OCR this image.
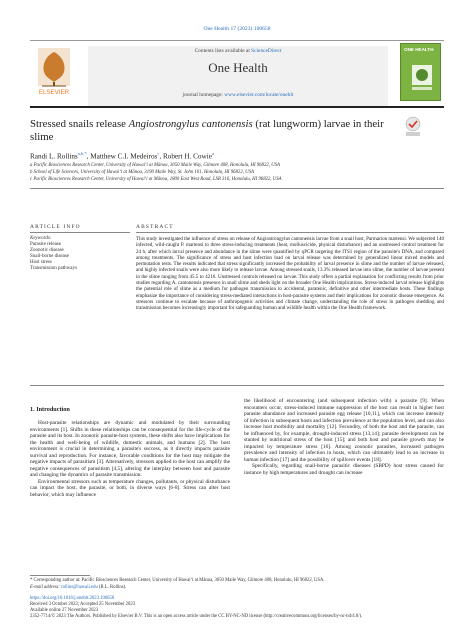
One Health 17 (2023) 100658
ELSEVIER
Contents lists available at ScienceDirect
One Health
journal homepage: www.elsevier.com/locate/onehlt
ONE HEALTH
Stressed snails release Angiostrongylus cantonensis (rat lungworm) larvae in their slime
Randi L. Rollins$^{a,b,*}$, Matthew C.I. Medeiros$^c$, Robert H. Cowie$^a$
a Pacific Biosciences Research Center, University of Hawaiʻi at Mānoa, 3050 Maile Way, Gilmore 408, Honolulu, HI 96822, USA
b School of Life Sciences, University of Hawaiʻi at Mānoa, 3190 Maile Way, St. John 101, Honolulu, HI 96822, USA
c Pacific Biosciences Research Center, University of Hawaiʻi at Mānoa, 1800 East West Road, LSB 316, Honolulu, HI 96822, USA
ARTICLE INFO	ABSTRACT
Keywords:
Parasite release
Zoonotic disease
Snail-borne disease
Host stress
Transmission pathways

This study investigated the influence of stress on release of Angiostrongylus cantonensis larvae from a snail host, Parmarion martensi. We subjected 140 infected, wild-caught P. martensi to three stress-inducing treatments (heat, molluscicide, physical disturbance) and an unstressed control treatment for 24 h, after which larval presence and abundance in the slime were quantified by qPCR targeting the ITS1 region of the parasite's DNA, and compared among treatments. The significance of stress and host infection load on larval release was determined by generalized linear mixed models and permutation tests. The results indicated that stress significantly increased the probability of larval presence in slime and the number of larvae released, and highly infected snails were also more likely to release larvae. Among stressed snails, 13.3% released larvae into slime, the number of larvae present in the slime ranging from 45.5 to 4216. Unstressed controls released no larvae. This study offers a partial explanation for conflicting results from prior studies regarding A. cantonensis presence in snail slime and sheds light on the broader One Health implications. Stress-induced larval release highlights the potential role of slime as a medium for pathogen transmission to accidental, paratenic, definitive and other intermediate hosts. These findings emphasize the importance of considering stress-mediated interactions in host-parasite systems and their implications for zoonotic disease emergence. As stressors continue to escalate because of anthropogenic activities and climate change, understanding the role of stress in pathogen shedding and transmission becomes increasingly important for safeguarding human and wildlife health within the One Health framework.

1. Introduction

Host-parasite relationships are dynamic and modulated by their surrounding environments [1]. Shifts in these relationships can be consequential for the life-cycle of the parasite and its host. In zoonotic parasite-host systems, these shifts also have implications for the health and well-being of wildlife, domestic animals, and humans [2]. The host environment is crucial in determining a parasite's success, as it directly impacts parasite survival and reproduction. For instance, favorable conditions for the host may mitigate the negative impacts of parasitism [3]. Alternatively, stressors applied to the host can amplify the negative consequences of parasitism [4,5], altering the interplay between host and parasite and changing the dynamics of parasite transmission.

Environmental stressors such as temperature changes, pollutants, or physical disturbance can impact the host, the parasite, or both, in diverse ways [6-8]. Stress can alter host behavior, which may influence

the likelihood of encountering (and subsequent infection with) a parasite [9]. When encounters occur, stress-induced immune suppression of the host can result in higher host parasite abundance and increased parasite egg release [10,11], which can increase intensity of infection in subsequent hosts and infection prevalence at the population level, and can also increase host morbidity and mortality [12]. Fecundity, of both the host and the parasite, can be influenced by, for example, drought-induced stress [13,14]; parasite development can be stunted by nutritional stress of the host [15]; and both host and parasite growth may be impacted by temperature stress [16]. Among zoonotic parasites, increased pathogen prevalence and intensity of infection in hosts, which can ultimately lead to an increase in human infection [17] and the possibility of spillover events [18].

Specifically, regarding snail-borne parasitic diseases (SBPD) host stress caused for instance by high temperatures and drought can increase

* Corresponding author at: Pacific Biosciences Research Center, University of Hawaiʻi at Mānoa, 3050 Maile Way, Gilmore 408, Honolulu, HI 96822, USA.
E-mail address: rollins@hawaii.edu (R.L. Rollins).
https://doi.org/10.1016/j.onehlt.2023.100658
Received 3 October 2023; Accepted 25 November 2023
Available online 27 November 2023
2352-7714/© 2023 The Authors. Published by Elsevier B.V. This is an open access article under the CC BY-NC-ND license (http://creativecommons.org/licenses/by-nc-nd/4.0/).
